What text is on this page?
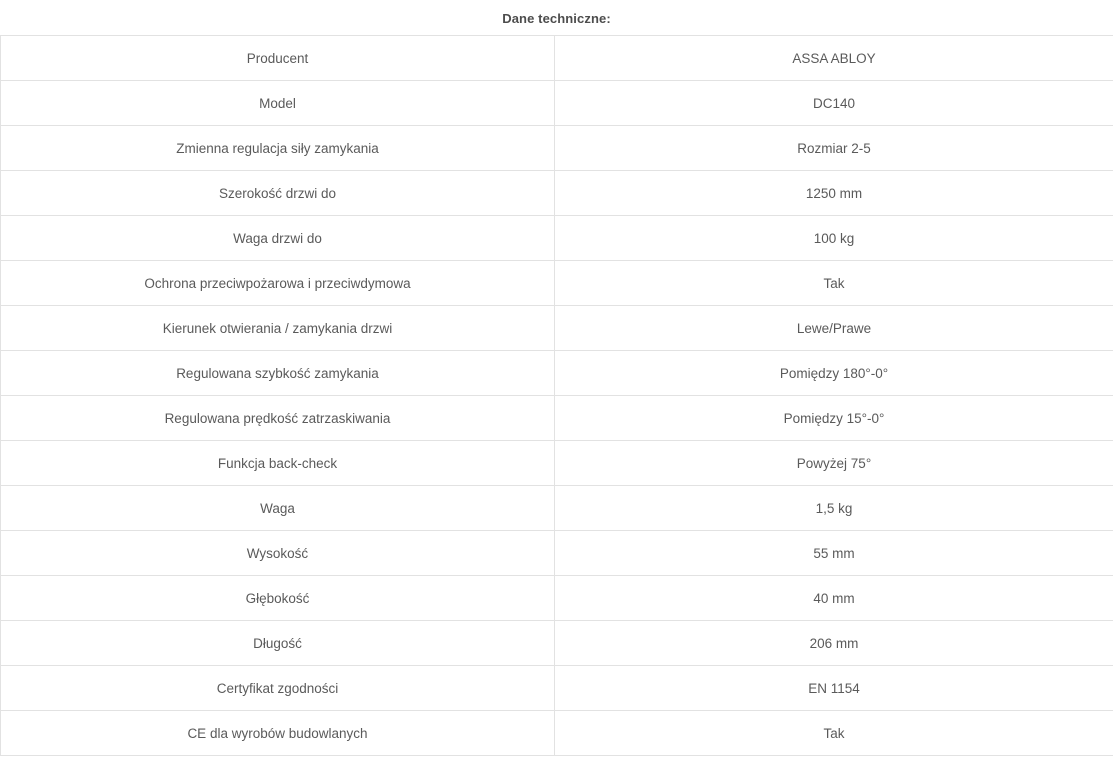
Dane techniczne:
Producent	ASSA ABLOY
Model	DC140
Zmienna regulacja siły zamykania	Rozmiar 2-5
Szerokość drzwi do	1250 mm
Waga drzwi do	100 kg
Ochrona przeciwpożarowa i przeciwdymowa	Tak
Kierunek otwierania / zamykania drzwi	Lewe/Prawe
Regulowana szybkość zamykania	Pomiędzy 180°-0°
Regulowana prędkość zatrzaskiwania	Pomiędzy 15°-0°
Funkcja back-check	Powyżej 75°
Waga	1,5 kg
Wysokość	55 mm
Głębokość	40 mm
Długość	206 mm
Certyfikat zgodności	EN 1154
CE dla wyrobów budowlanych	Tak
